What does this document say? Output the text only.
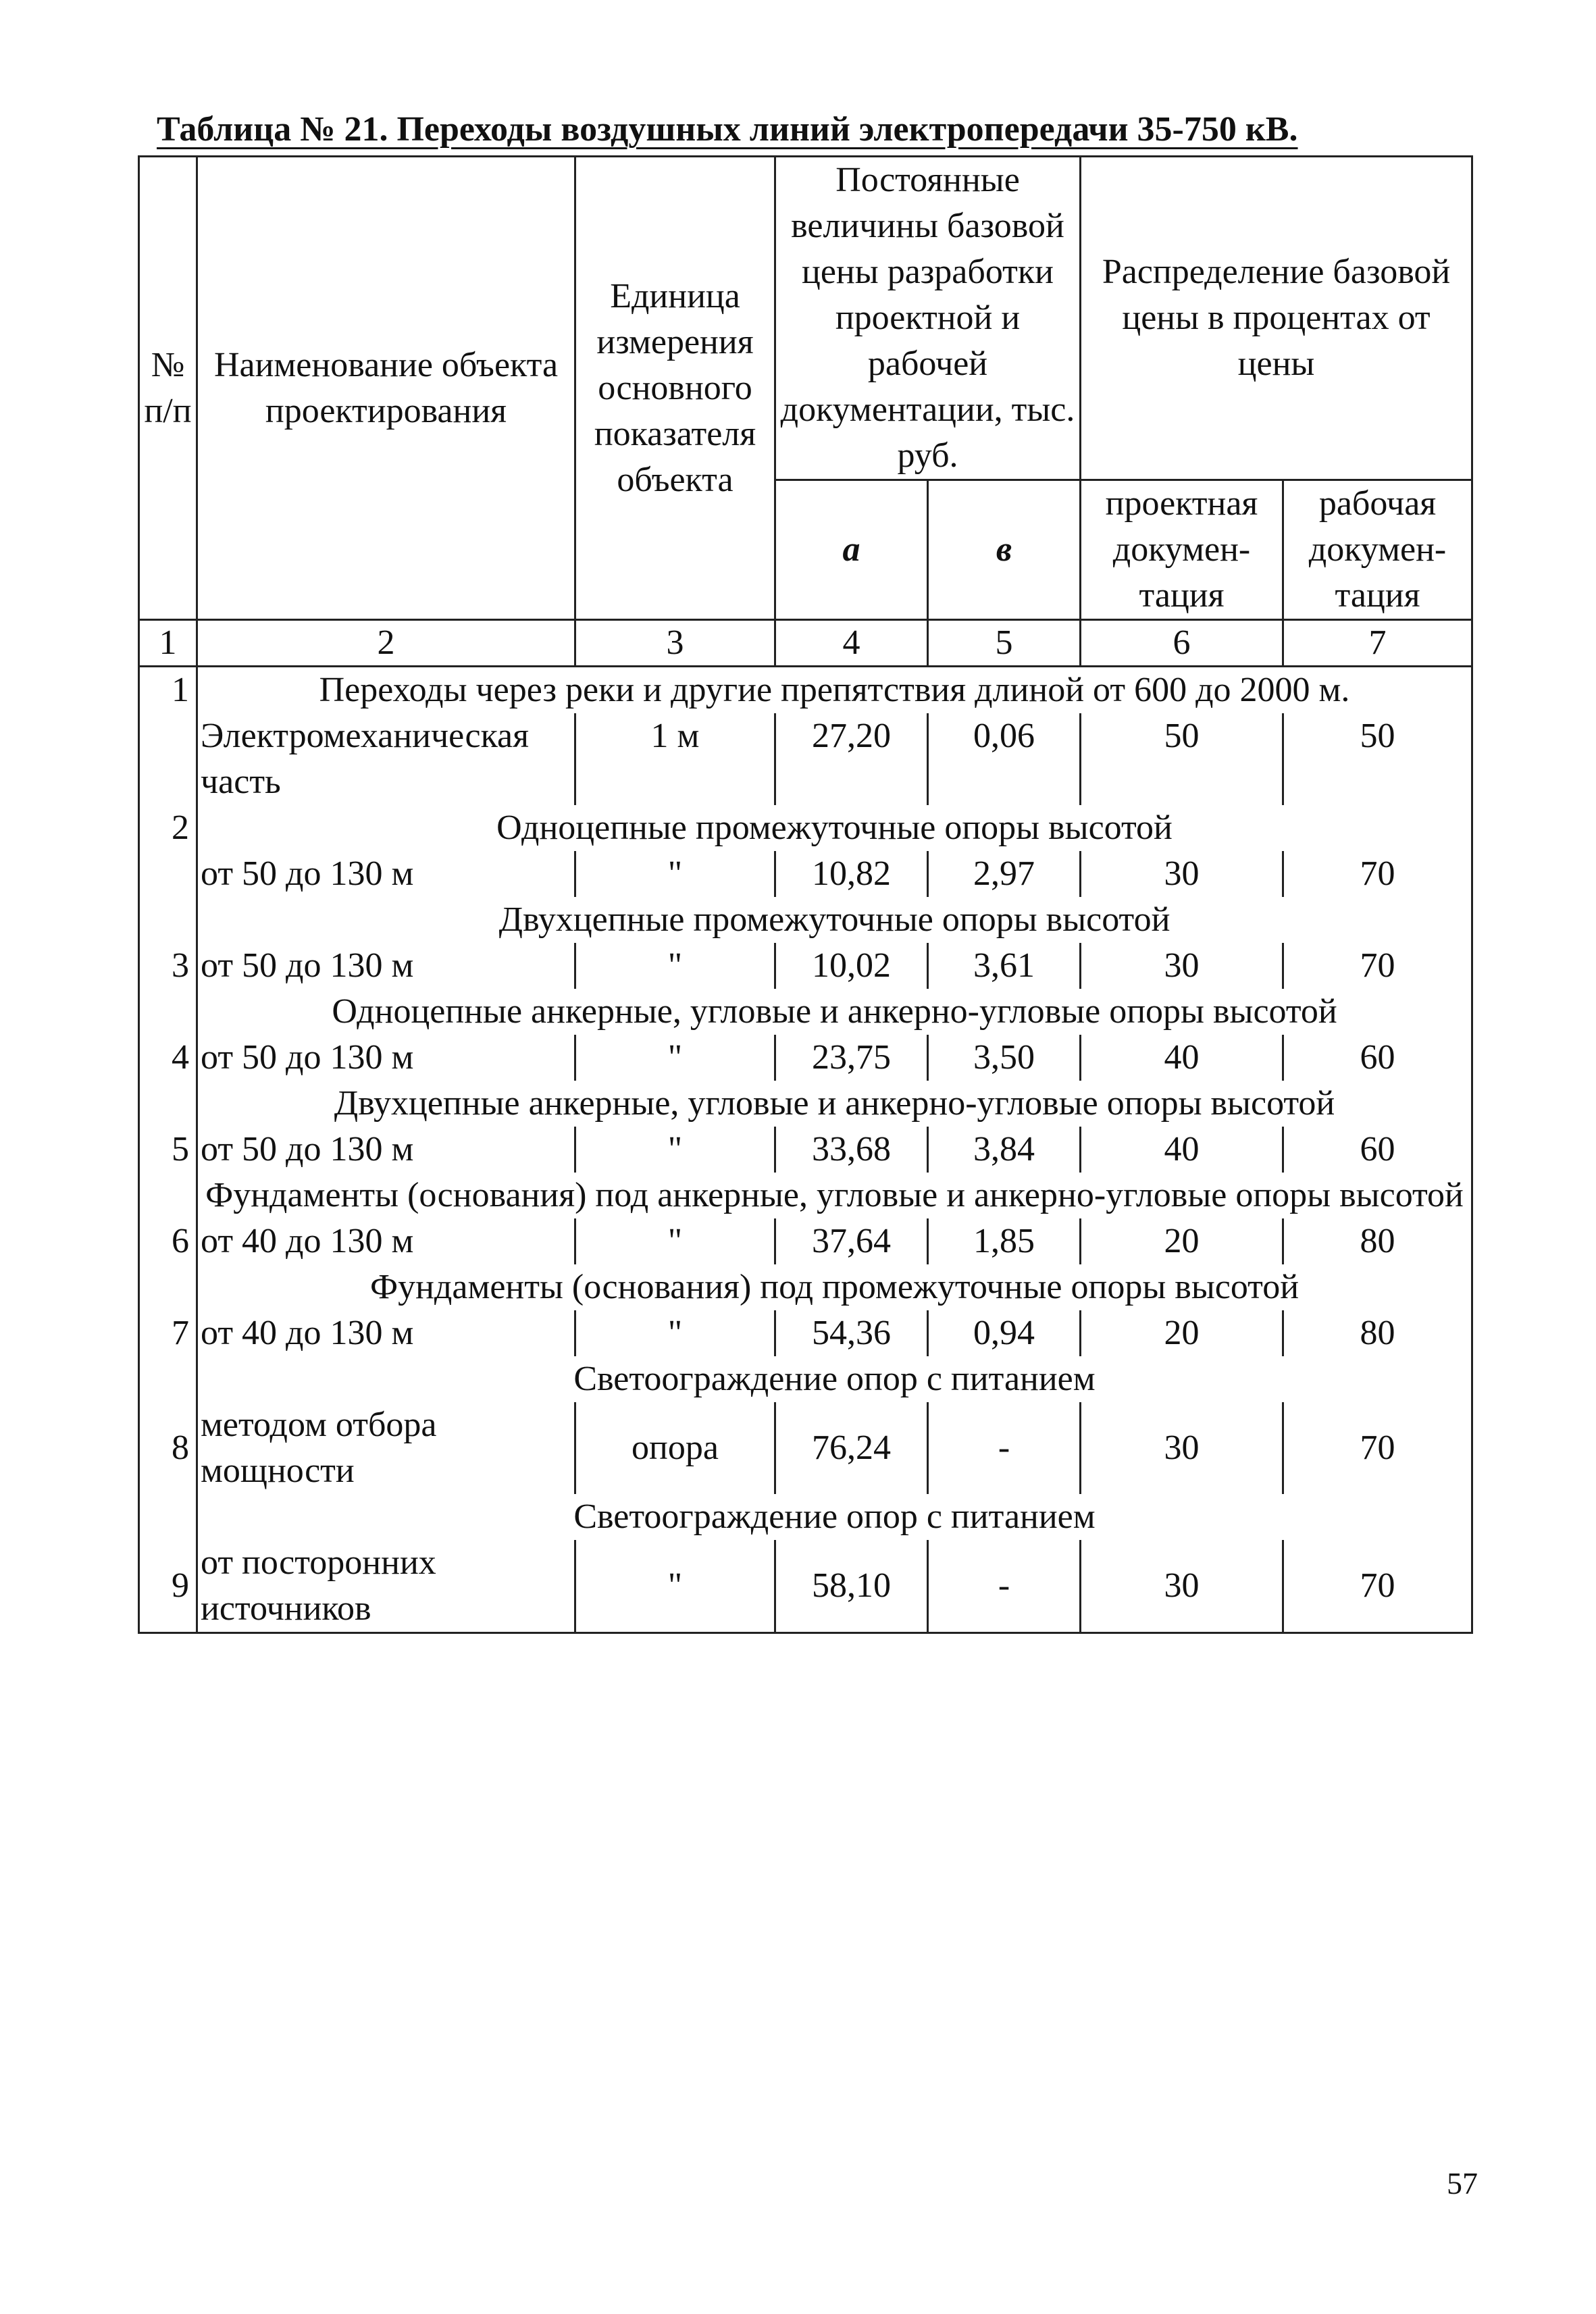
Таблица № 21. Переходы воздушных линий электропередачи 35-750 кВ.
№ п/п	Наименование объекта проектирования	Единица измерения основного показателя объекта	Постоянные величины базовой цены разработки проектной и рабочей документации, тыс. руб.		Распределение базовой цены в процентах от цены	
			а	в	проектная докумен-тация	рабочая докумен-тация
1	2	3	4	5	6	7
1	Переходы через реки и другие препятствия длиной от 600 до 2000 м.					
	Электромеханическая часть	1 м	27,20	0,06	50	50
2	Одноцепные промежуточные опоры высотой					
	от 50 до 130 м	"	10,82	2,97	30	70
	Двухцепные промежуточные опоры высотой					
3	от 50 до 130 м	"	10,02	3,61	30	70
	Одноцепные анкерные, угловые и анкерно-угловые опоры высотой					
4	от 50 до 130 м	"	23,75	3,50	40	60
	Двухцепные анкерные, угловые и анкерно-угловые опоры высотой					
5	от 50 до 130 м	"	33,68	3,84	40	60
	Фундаменты (основания) под анкерные, угловые и анкерно-угловые опоры высотой					
6	от 40 до 130 м	"	37,64	1,85	20	80
	Фундаменты (основания) под промежуточные опоры высотой					
7	от 40 до 130 м	"	54,36	0,94	20	80
	Светоограждение опор с питанием					
8	методом отбора мощности	опора	76,24	-	30	70
	Светоограждение опор с питанием					
9	от посторонних источников	"	58,10	-	30	70

57
